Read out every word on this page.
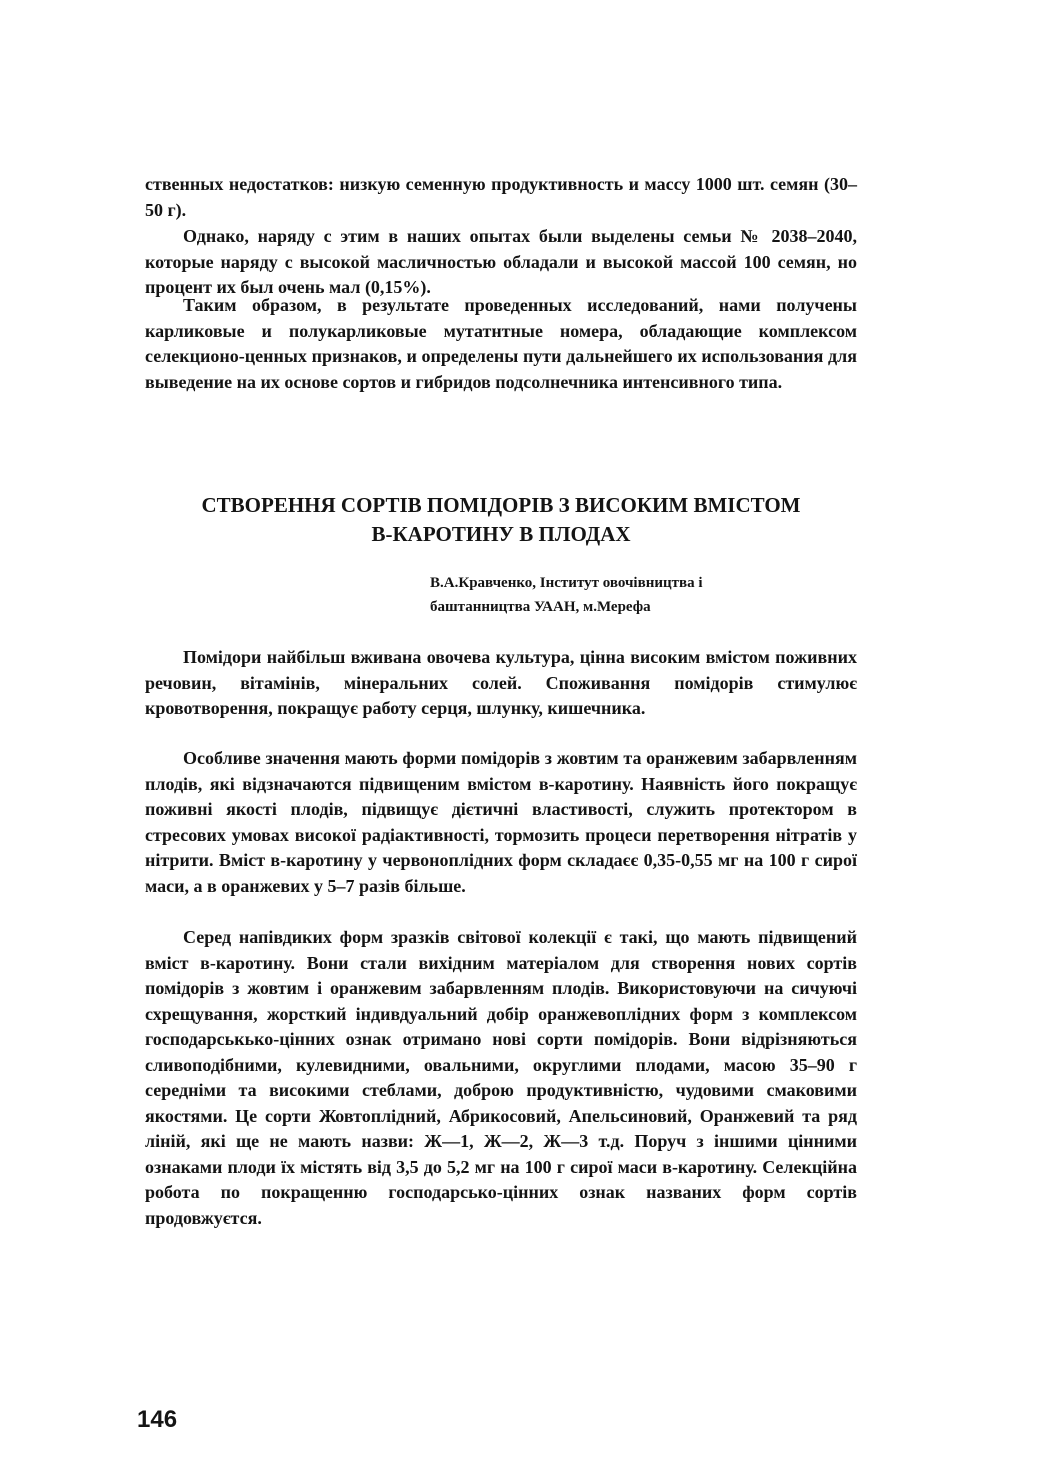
ственных недостатков: низкую семенную продуктивность и массу 1000 шт. семян (30–50 г).

Однако, наряду с этим в наших опытах были выделены семьи № 2038–2040, которые наряду с высокой масличностью обладали и высокой массой 100 семян, но процент их был очень мал (0,15%).

Таким образом, в результате проведенных исследований, нами получены карликовые и полукарликовые мутатнтные номера, обладающие комплексом селекционо-ценных признаков, и определены пути дальнейшего их использования для выведение на их основе сортов и гибридов подсолнечника интенсивного типа.

СТВОРЕННЯ СОРТІВ ПОМІДОРІВ З ВИСОКИМ ВМІСТОМ
В-КАРОТИНУ В ПЛОДАХ

В.А.Кравченко, Інститут овочівництва і
баштанництва УААН, м.Мерефа

Помідори найбільш вживана овочева культура, цінна високим вмістом поживних речовин, вітамінів, мінеральних солей. Споживання помідорів стимулює кровотворення, покращує работу серця, шлунку, кишечника.

Особливе значення мають форми помідорів з жовтим та оранжевим забарвленням плодів, які відзначаются підвищеним вмістом в-каротину. Наявність його покращує поживні якості плодів, підвищує дієтичні властивості, служить протектором в стресових умовах високої радіактивності, тормозить процеси перетворення нітратів у нітрити. Вміст в-каротину у червоноплідних форм складаєє 0,35-0,55 мг на 100 г сирої маси, а в оранжевих у 5–7 разів більше.

Серед напівдиких форм зразків світової колекції є такі, що мають підвищений вміст в-каротину. Вони стали вихідним матеріалом для створення нових сортів помідорів з жовтим і оранжевим забарвленням плодів. Використовуючи на сичуючі схрещування, жорсткий індивдуальний добір оранжевоплідних форм з комплексом господарськько-цінних ознак отримано нові сорти помідорів. Вони відрізняються сливоподібними, кулевидними, овальними, округлими плодами, масою 35–90 г середніми та високими стеблами, доброю продуктивністю, чудовими смаковими якостями. Це сорти Жовтоплідний, Абрикосовий, Апельсиновий, Оранжевий та ряд ліній, які ще не мають назви: Ж—1, Ж—2, Ж—3 т.д. Поруч з іншими цінними ознаками плоди їх містять від 3,5 до 5,2 мг на 100 г сирої маси в-каротину. Селекційна робота по покращенню господарсько-цінних ознак названих форм сортів продовжуєтся.

146
